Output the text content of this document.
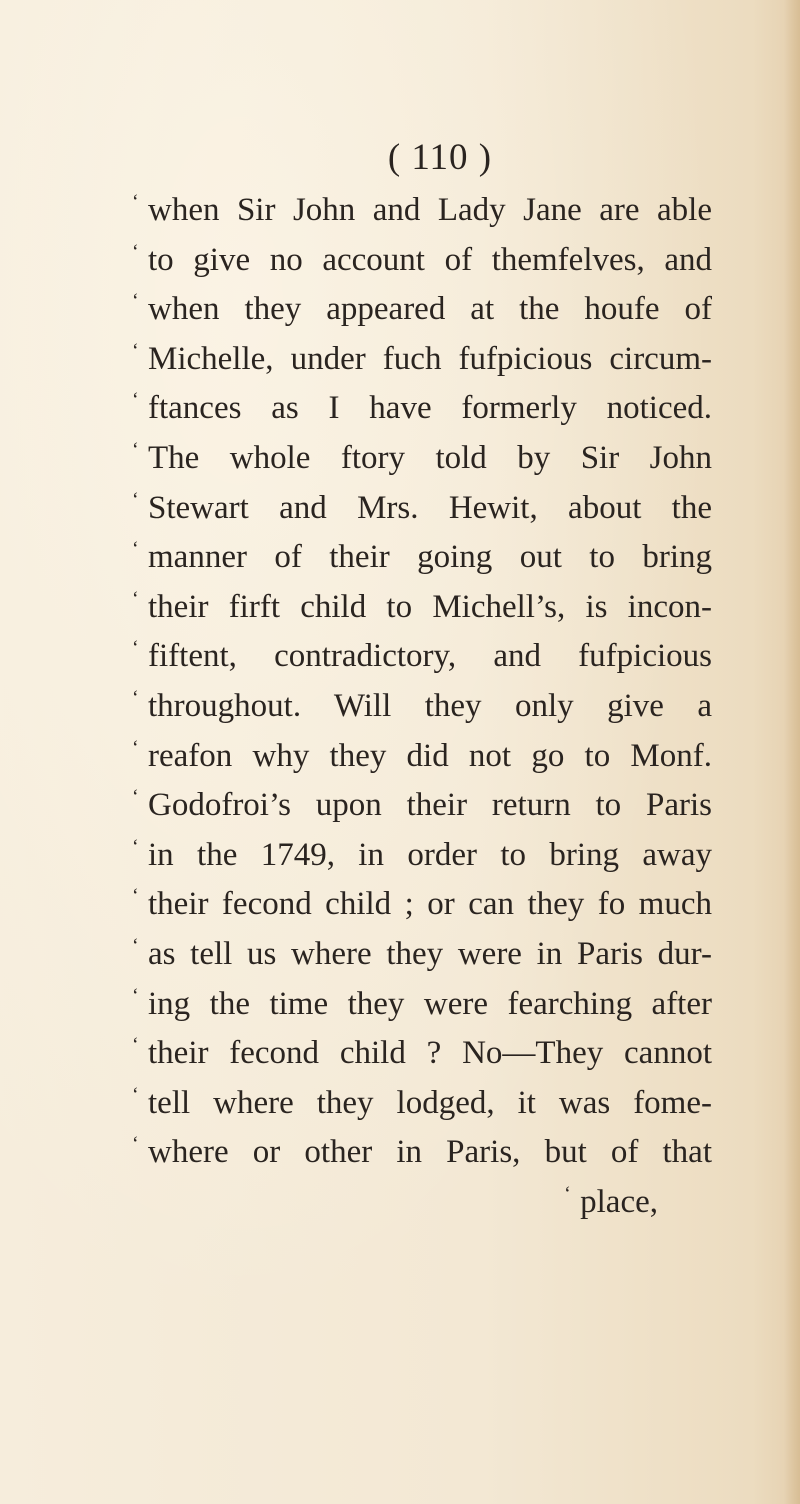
( 110 )

‘ when Sir John and Lady Jane are able
‘ to give no account of themfelves, and
‘ when they appeared at the houfe of
‘ Michelle, under fuch fufpicious circum-
‘ ftances as I have formerly noticed.
‘ The whole ftory told by Sir John
‘ Stewart and Mrs. Hewit, about the
‘ manner of their going out to bring
‘ their firft child to Michell’s, is incon-
‘ fiftent, contradictory, and fufpicious
‘ throughout. Will they only give a
‘ reafon why they did not go to Monf.
‘ Godofroi’s upon their return to Paris
‘ in the 1749, in order to bring away
‘ their fecond child ; or can they fo much
‘ as tell us where they were in Paris dur-
‘ ing the time they were fearching after
‘ their fecond child ? No—They cannot
‘ tell where they lodged, it was fome-
‘ where or other in Paris, but of that
‘ place,
